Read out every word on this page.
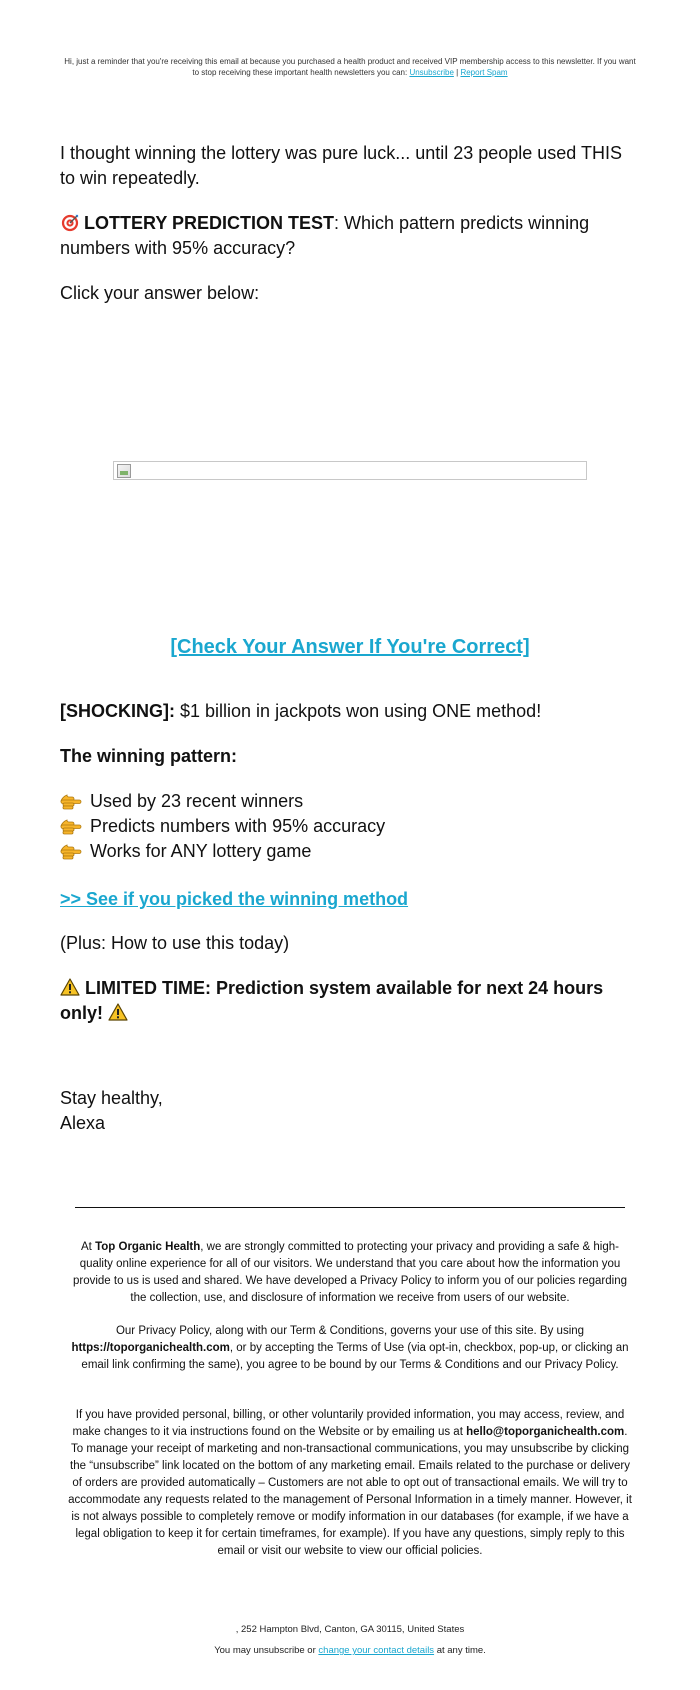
Hi, just a reminder that you're receiving this email at because you purchased a health product and received VIP membership access to this newsletter. If you want to stop receiving these important health newsletters you can: Unsubscribe | Report Spam
I thought winning the lottery was pure luck... until 23 people used THIS to win repeatedly.
LOTTERY PREDICTION TEST: Which pattern predicts winning numbers with 95% accuracy?
Click your answer below:
[Check Your Answer If You're Correct]
[SHOCKING]: $1 billion in jackpots won using ONE method!
The winning pattern:
Used by 23 recent winners
Predicts numbers with 95% accuracy
Works for ANY lottery game
>> See if you picked the winning method
(Plus: How to use this today)
LIMITED TIME: Prediction system available for next 24 hours only!
Stay healthy,
Alexa
At Top Organic Health, we are strongly committed to protecting your privacy and providing a safe & high-quality online experience for all of our visitors. We understand that you care about how the information you provide to us is used and shared. We have developed a Privacy Policy to inform you of our policies regarding the collection, use, and disclosure of information we receive from users of our website.
Our Privacy Policy, along with our Term & Conditions, governs your use of this site. By using https://toporganichealth.com, or by accepting the Terms of Use (via opt-in, checkbox, pop-up, or clicking an email link confirming the same), you agree to be bound by our Terms & Conditions and our Privacy Policy.
If you have provided personal, billing, or other voluntarily provided information, you may access, review, and make changes to it via instructions found on the Website or by emailing us at hello@toporganichealth.com. To manage your receipt of marketing and non-transactional communications, you may unsubscribe by clicking the “unsubscribe” link located on the bottom of any marketing email. Emails related to the purchase or delivery of orders are provided automatically – Customers are not able to opt out of transactional emails. We will try to accommodate any requests related to the management of Personal Information in a timely manner. However, it is not always possible to completely remove or modify information in our databases (for example, if we have a legal obligation to keep it for certain timeframes, for example). If you have any questions, simply reply to this email or visit our website to view our official policies.
, 252 Hampton Blvd, Canton, GA 30115, United States
You may unsubscribe or change your contact details at any time.
